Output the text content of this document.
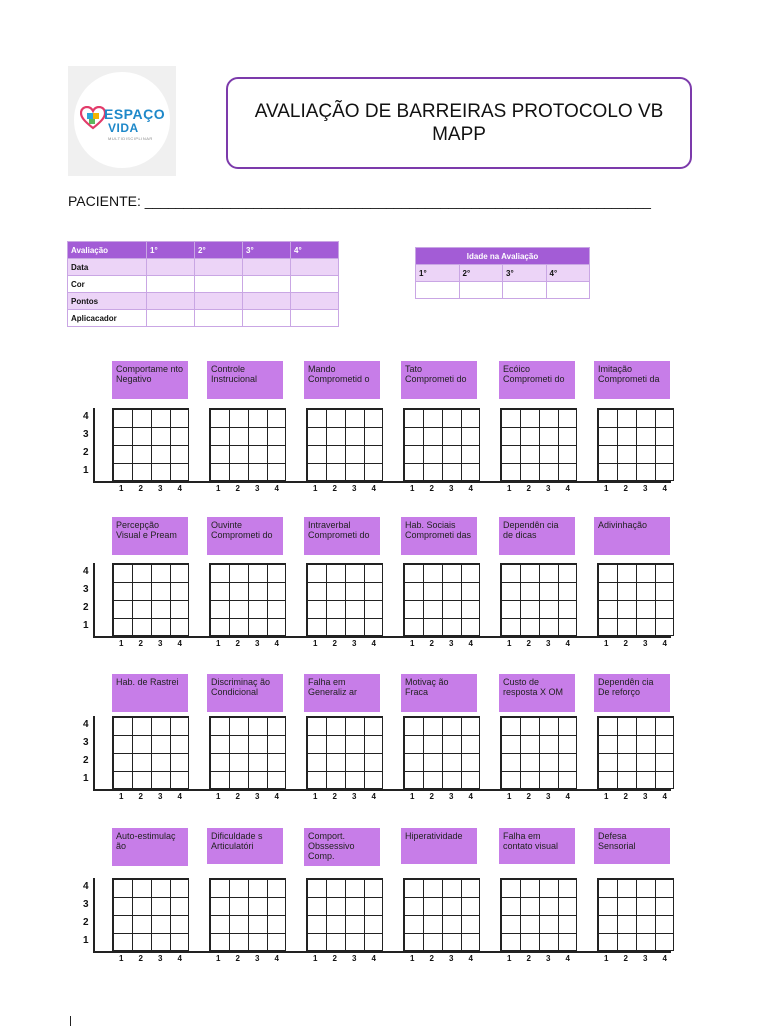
ESPAÇO
VIDA
MULTIDISCIPLINAR
AVALIAÇÃO DE BARREIRAS PROTOCOLO VB MAPP
PACIENTE: _________________________________________________________________
Avaliação	1°	2°	3°	4°
Data				
Cor				
Pontos				
Aplicacador				
Idade na Avaliação			
1°	2°	3°	4°

Comportame nto Negativo
Controle Instrucional
Mando Comprometid o
Tato Comprometi do
Ecóico Comprometi do
Imitação Comprometi da
4
3
2
1
1 2 3 4	1 2 3 4	1 2 3 4	1 2 3 4	1 2 3 4	1 2 3 4
Percepção Visual e Pream
Ouvinte Comprometi do
Intraverbal Comprometi do
Hab. Sociais Comprometi das
Dependên cia de dicas
Adivinhação
4
3
2
1
1 2 3 4	1 2 3 4	1 2 3 4	1 2 3 4	1 2 3 4	1 2 3 4
Hab. de Rastrei	Discriminaç ão Condicional
Falha em Generaliz ar
Motivaç ão Fraca
Custo de resposta X OM
Dependên cia De reforço
4
3
2
1
1 2 3 4	1 2 3 4	1 2 3 4	1 2 3 4	1 2 3 4	1 2 3 4
Auto-estimulaç ão
Dificuldade s Articulatóri
Comport. Obssessivo Comp.
Hiperatividade	Falha em contato visual
Defesa Sensorial
4
3
2
1
1 2 3 4	1 2 3 4	1 2 3 4	1 2 3 4	1 2 3 4	1 2 3 4
